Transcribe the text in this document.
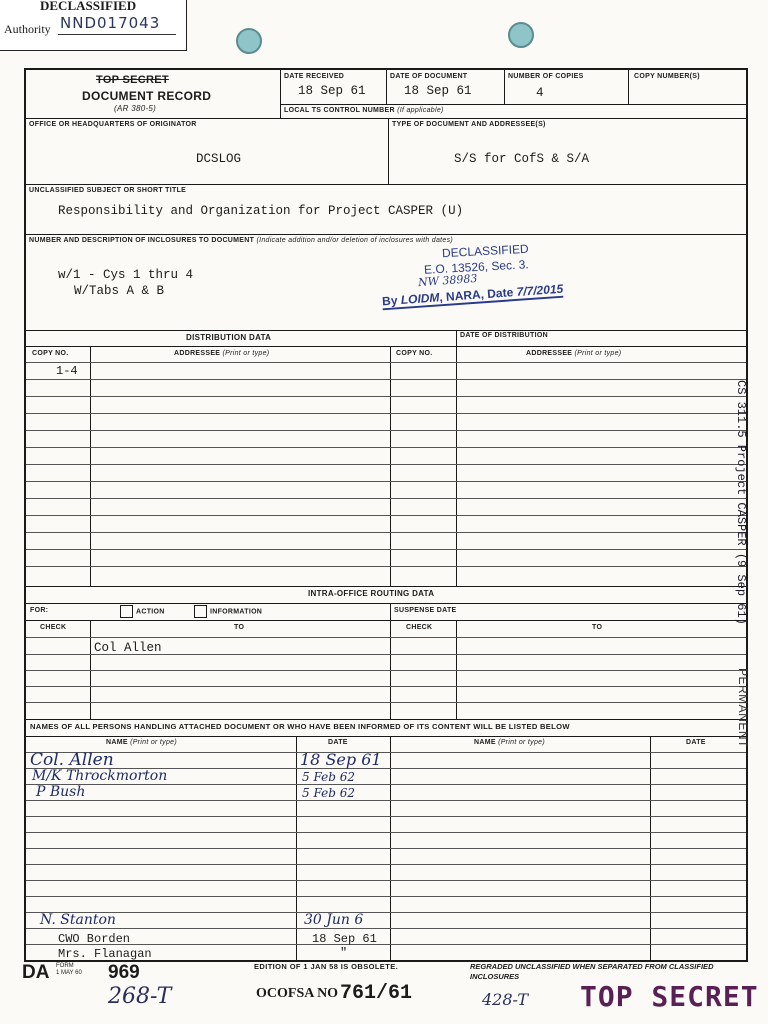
DECLASSIFIED
Authority NND017043
TOP SECRET
DOCUMENT RECORD
(AR 380-5)
DATE RECEIVED
18 Sep 61
DATE OF DOCUMENT
18 Sep 61
NUMBER OF COPIES
4
COPY NUMBER(S)
LOCAL TS CONTROL NUMBER (If applicable)
OFFICE OR HEADQUARTERS OF ORIGINATOR
DCSLOG
TYPE OF DOCUMENT AND ADDRESSEE(S)
S/S for CofS & S/A
UNCLASSIFIED SUBJECT OR SHORT TITLE
Responsibility and Organization for Project CASPER (U)
NUMBER AND DESCRIPTION OF INCLOSURES TO DOCUMENT (Indicate addition and/or deletion of inclosures with dates)
w/1 - Cys 1 thru 4
W/Tabs A & B
DISTRIBUTION DATA	DATE OF DISTRIBUTION
COPY NO.	ADDRESSEE (Print or type)	COPY NO.	ADDRESSEE (Print or type)
1-4
INTRA-OFFICE ROUTING DATA
FOR:	ACTION	INFORMATION	SUSPENSE DATE
CHECK	TO	CHECK	TO
Col Allen
NAMES OF ALL PERSONS HANDLING ATTACHED DOCUMENT OR WHO HAVE BEEN INFORMED OF ITS CONTENT WILL BE LISTED BELOW
NAME (Print or type)	DATE	NAME (Print or type)	DATE
Col. Allen	18 Sep 61
M/K Throckmorton	5 Feb 62
P Bush	5 Feb 62
N. Stanton	30 Jun 6
CWO Borden	18 Sep 61
Mrs. Flanagan	"
DECLASSIFIED
E.O. 13526, Sec. 3.
NW 38983
By LOIDM, NARA, Date 7/7/2015
CS 311.5 Project CASPER (9 Sep 61)
PERMANENT
DA FORM
1 MAY 60 969	EDITION OF 1 JAN 58 IS OBSOLETE.	REGRADED UNCLASSIFIED WHEN SEPARATED FROM CLASSIFIED INCLOSURES
268-T	OCOFSA NO 761/61	428-T TOP SECRET
